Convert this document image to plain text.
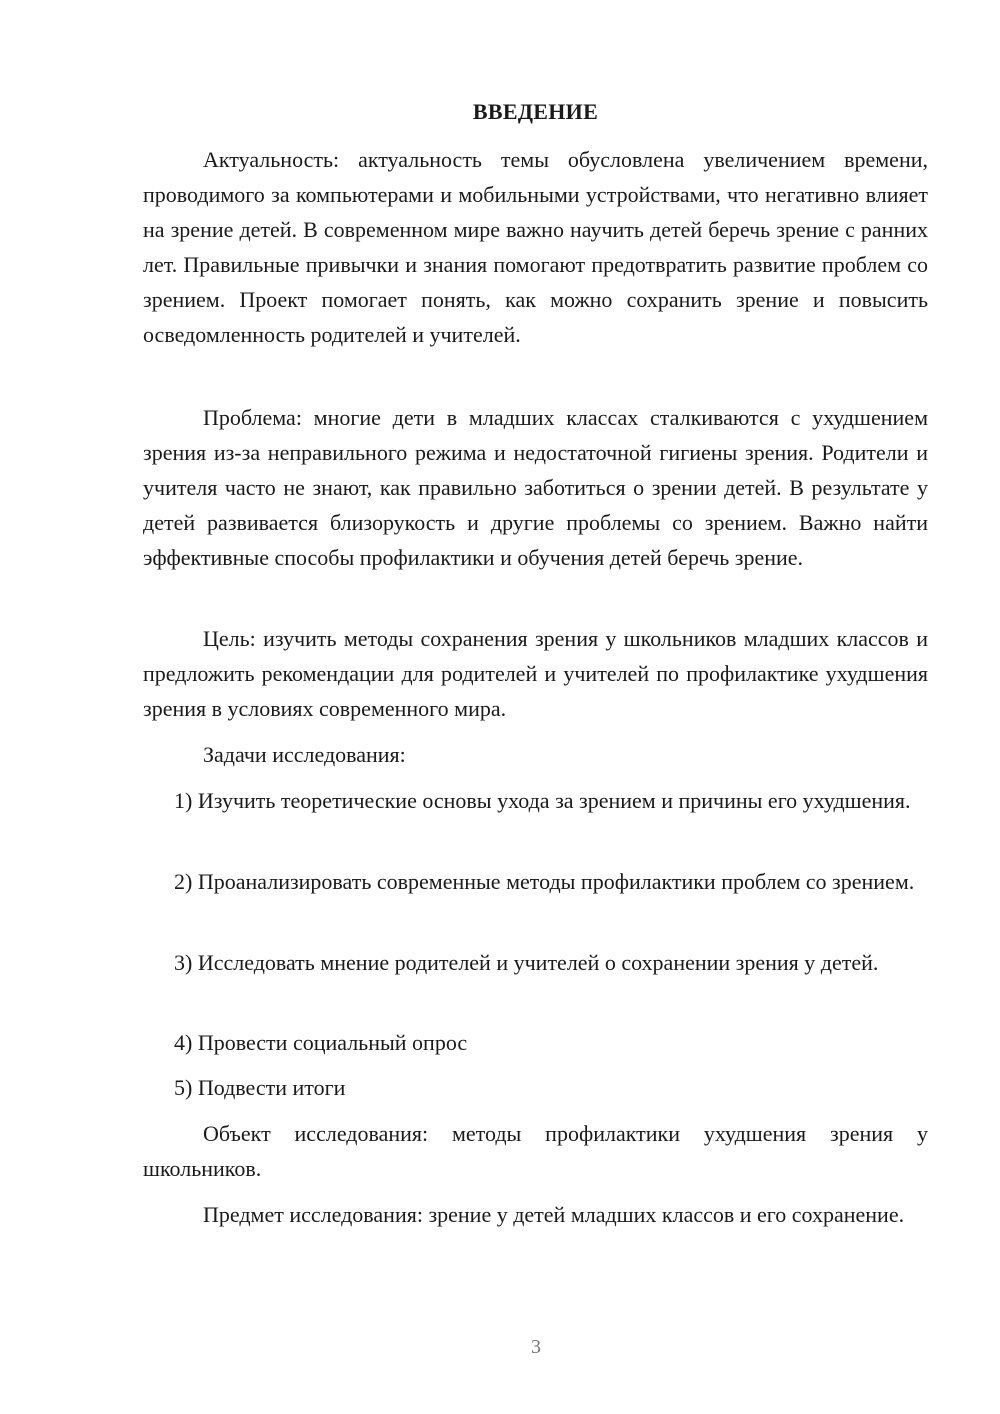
ВВЕДЕНИЕ

Актуальность: актуальность темы обусловлена увеличением времени, проводимого за компьютерами и мобильными устройствами, что негативно влияет на зрение детей. В современном мире важно научить детей беречь зрение с ранних лет. Правильные привычки и знания помогают предотвратить развитие проблем со зрением. Проект помогает понять, как можно сохранить зрение и повысить осведомленность родителей и учителей.

Проблема: многие дети в младших классах сталкиваются с ухудшением зрения из-за неправильного режима и недостаточной гигиены зрения. Родители и учителя часто не знают, как правильно заботиться о зрении детей. В результате у детей развивается близорукость и другие проблемы со зрением. Важно найти эффективные способы профилактики и обучения детей беречь зрение.

Цель: изучить методы сохранения зрения у школьников младших классов и предложить рекомендации для родителей и учителей по профилактике ухудшения зрения в условиях современного мира.

Задачи исследования:

1) Изучить теоретические основы ухода за зрением и причины его ухудшения.

2) Проанализировать современные методы профилактики проблем со зрением.

3) Исследовать мнение родителей и учителей о сохранении зрения у детей.

4) Провести социальный опрос

5) Подвести итоги

Объект исследования: методы профилактики ухудшения зрения у школьников.

Предмет исследования: зрение у детей младших классов и его сохранение.

3
